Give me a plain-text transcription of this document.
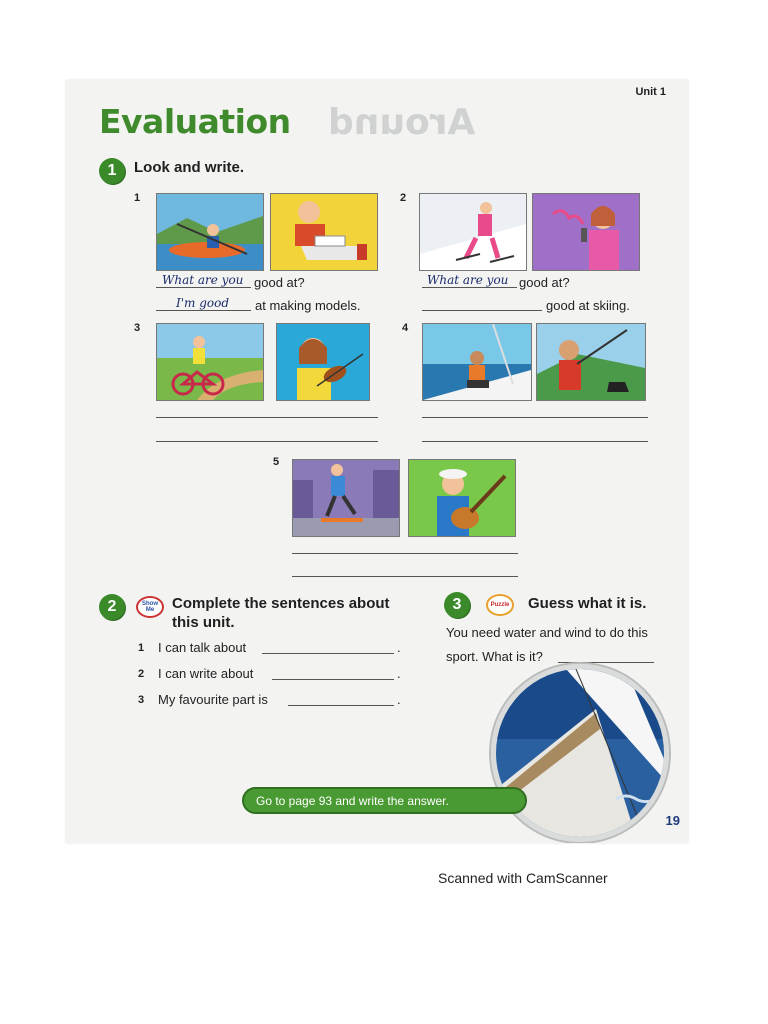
Around
Unit 1
Evaluation
1	Look and write.
1
What are you good at?
I'm good at making models.
2
What are you good at?
good at skiing.
3	4
5
2	Show Me	Complete the sentences about
this unit.
1 I can talk about	.
2 I can write about	.
3 My favourite part is	.
3	Puzzle	Guess what it is.
You need water and wind to do this
sport. What is it?
Go to page 93 and write the answer.
19
Scanned with CamScanner
